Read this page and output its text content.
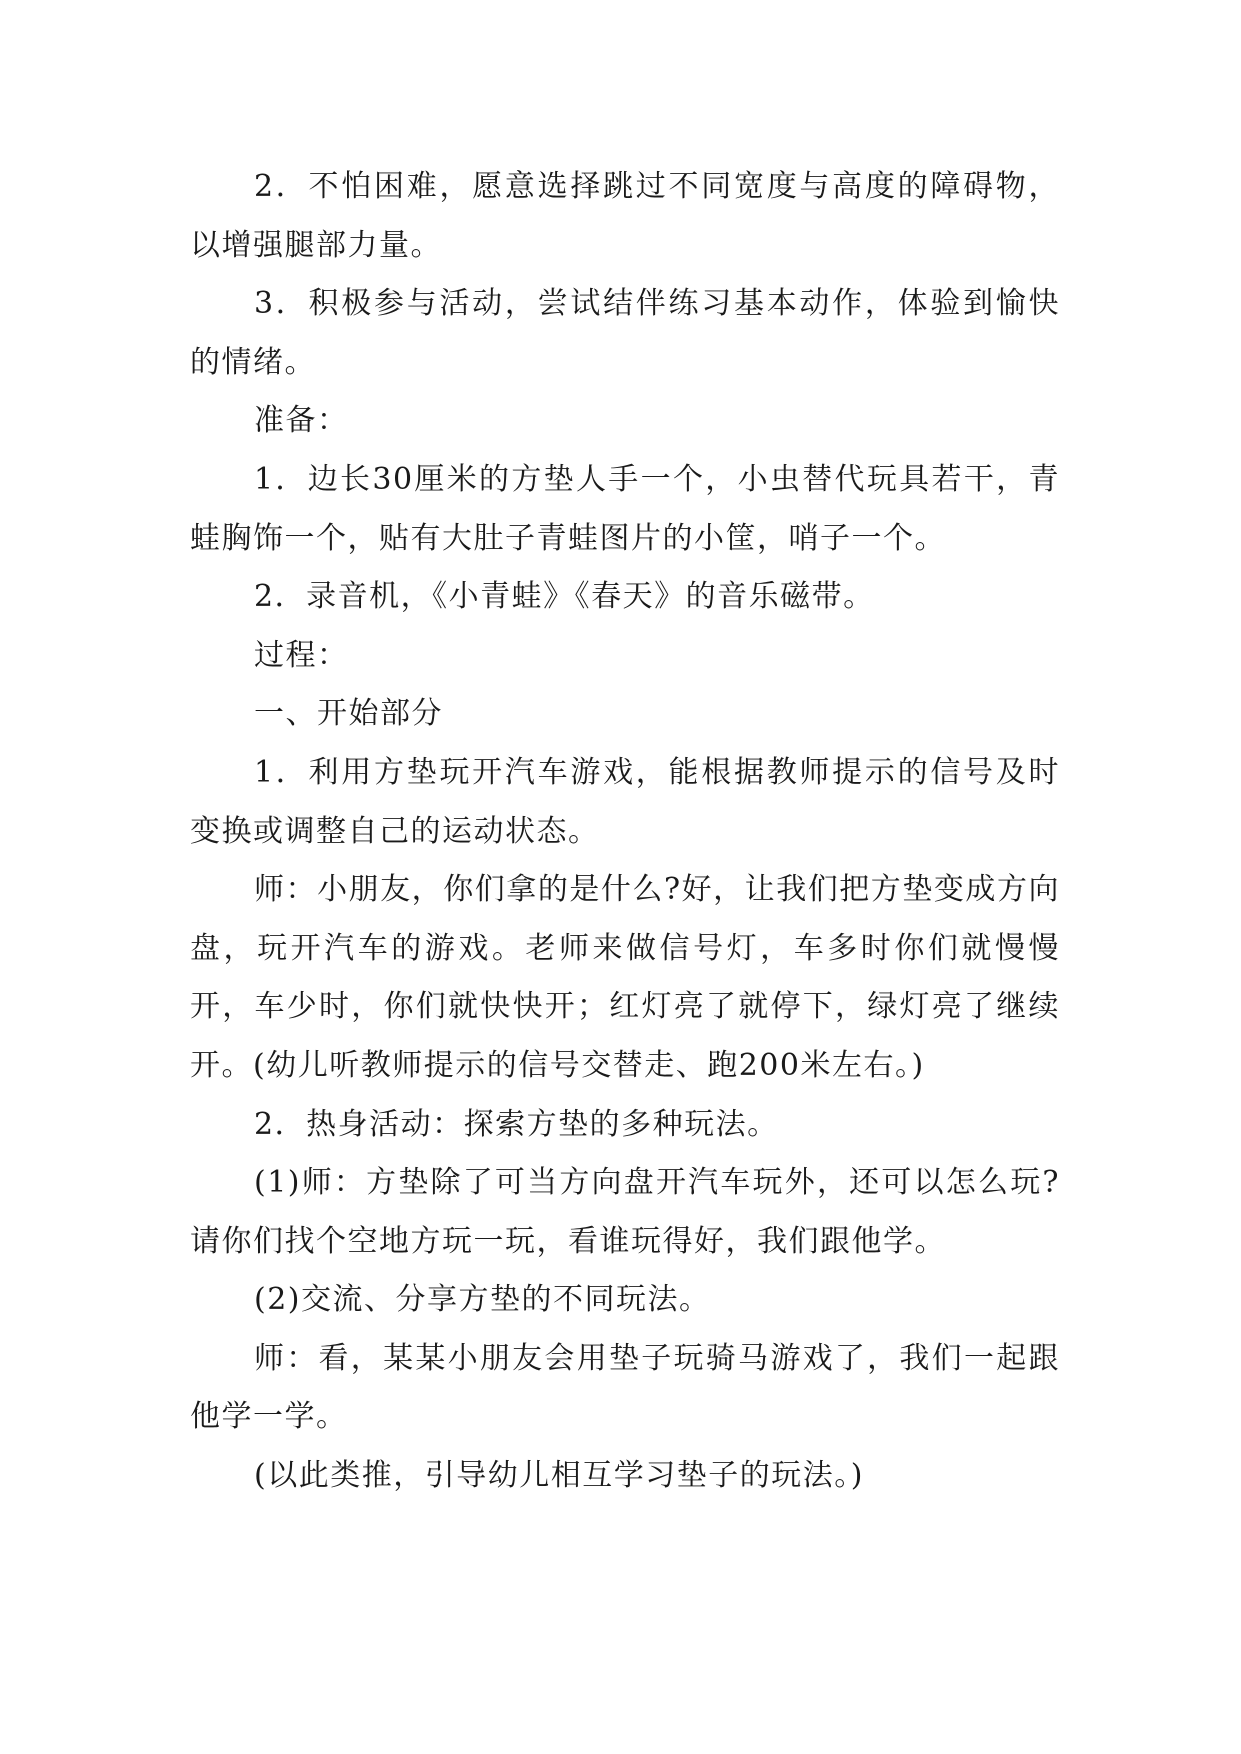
2．不怕困难，愿意选择跳过不同宽度与高度的障碍物，以增强腿部力量。

3．积极参与活动，尝试结伴练习基本动作，体验到愉快的情绪。

准备：

1．边长30厘米的方垫人手一个，小虫替代玩具若干，青蛙胸饰一个，贴有大肚子青蛙图片的小筐，哨子一个。

2．录音机，《小青蛙》《春天》的音乐磁带。

过程：

一、开始部分

1．利用方垫玩开汽车游戏，能根据教师提示的信号及时变换或调整自己的运动状态。

师：小朋友，你们拿的是什么?好，让我们把方垫变成方向盘，玩开汽车的游戏。老师来做信号灯，车多时你们就慢慢开，车少时，你们就快快开；红灯亮了就停下，绿灯亮了继续开。(幼儿听教师提示的信号交替走、跑200米左右。)

2．热身活动：探索方垫的多种玩法。

(1)师：方垫除了可当方向盘开汽车玩外，还可以怎么玩?请你们找个空地方玩一玩，看谁玩得好，我们跟他学。

(2)交流、分享方垫的不同玩法。

师：看，某某小朋友会用垫子玩骑马游戏了，我们一起跟他学一学。

(以此类推，引导幼儿相互学习垫子的玩法。)
